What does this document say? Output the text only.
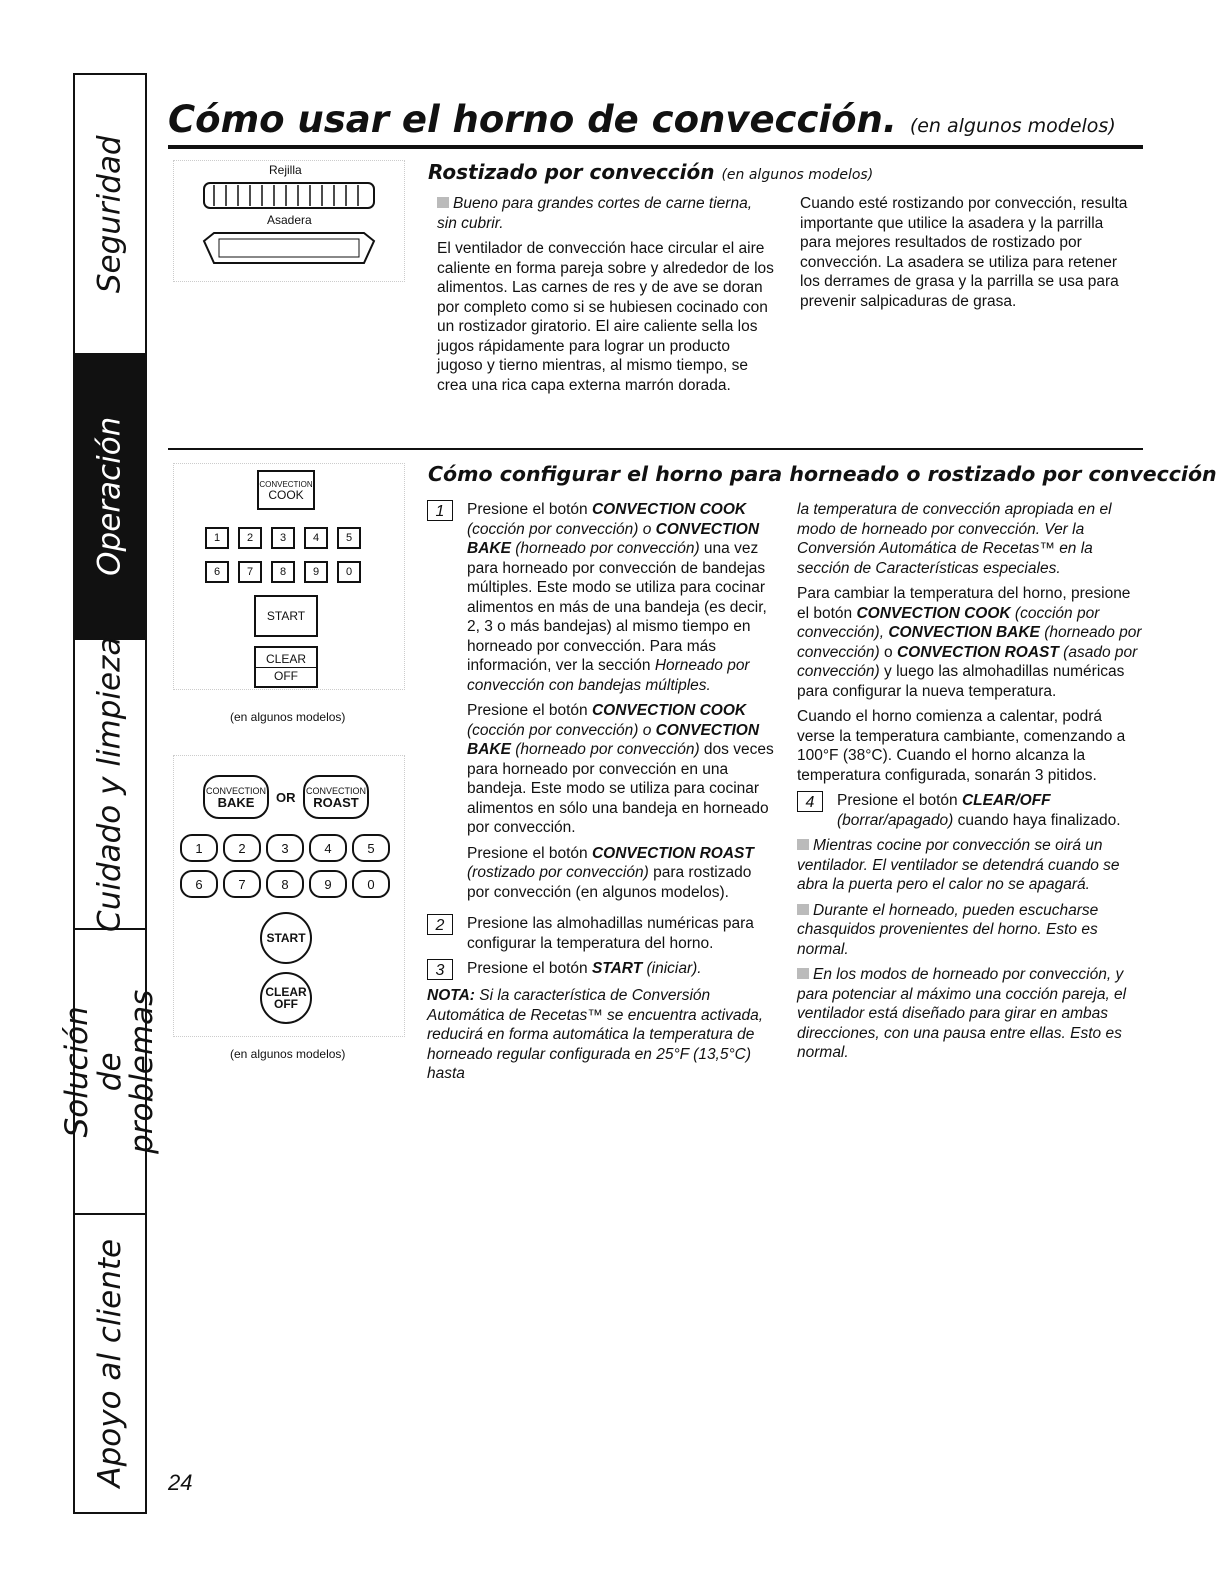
Seguridad
Operación
Cuidado y limpieza
Solución de problemas
Apoyo al cliente
Cómo usar el horno de convección. (en algunos modelos)
Rejilla
Asadera
Rostizado por convección (en algunos modelos)

Bueno para grandes cortes de carne tierna, sin cubrir.

El ventilador de convección hace circular el aire caliente en forma pareja sobre y alrededor de los alimentos. Las carnes de res y de ave se doran por completo como si se hubiesen cocinado con un rostizador giratorio. El aire caliente sella los jugos rápidamente para lograr un producto jugoso y tierno mientras, al mismo tiempo, se crea una rica capa externa marrón dorada.

Cuando esté rostizando por convección, resulta importante que utilice la asadera y la parrilla para mejores resultados de rostizado por convección. La asadera se utiliza para retener los derrames de grasa y la parrilla se usa para prevenir salpicaduras de grasa.

CONVECTION
COOK
1	2	3	4	5
6	7	8	9	0
START
CLEAR
OFF
(en algunos modelos)
CONVECTION
BAKE OR CONVECTION
ROAST
1	2	3	4	5
6	7	8	9	0
START
CLEAR
OFF
(en algunos modelos)
Cómo configurar el horno para horneado o rostizado por convección
1	Presione el botón CONVECTION COOK (cocción por convección) o CONVECTION BAKE (horneado por convección) una vez para horneado por convección de bandejas múltiples. Este modo se utiliza para cocinar alimentos en más de una bandeja (es decir, 2, 3 o más bandejas) al mismo tiempo en horneado por convección. Para más información, ver la sección Horneado por convección con bandejas múltiples.

Presione el botón CONVECTION COOK (cocción por convección) o CONVECTION BAKE (horneado por convección) dos veces para horneado por convección en una bandeja. Este modo se utiliza para cocinar alimentos en sólo una bandeja en horneado por convección.

Presione el botón CONVECTION ROAST (rostizado por convección) para rostizado por convección (en algunos modelos).

2	Presione las almohadillas numéricas para configurar la temperatura del horno.
3	Presione el botón START (iniciar).

NOTA: Si la característica de Conversión Automática de Recetas™ se encuentra activada, reducirá en forma automática la temperatura de horneado regular configurada en 25°F (13,5°C) hasta

la temperatura de convección apropiada en el modo de horneado por convección. Ver la Conversión Automática de Recetas™ en la sección de Características especiales.

Para cambiar la temperatura del horno, presione el botón CONVECTION COOK (cocción por convección), CONVECTION BAKE (horneado por convección) o CONVECTION ROAST (asado por convección) y luego las almohadillas numéricas para configurar la nueva temperatura.

Cuando el horno comienza a calentar, podrá verse la temperatura cambiante, comenzando a 100°F (38°C). Cuando el horno alcanza la temperatura configurada, sonarán 3 pitidos.

4	Presione el botón CLEAR/OFF (borrar/apagado) cuando haya finalizado.

Mientras cocine por convección se oirá un ventilador. El ventilador se detendrá cuando se abra la puerta pero el calor no se apagará.

Durante el horneado, pueden escucharse chasquidos provenientes del horno. Esto es normal.

En los modos de horneado por convección, y para potenciar al máximo una cocción pareja, el ventilador está diseñado para girar en ambas direcciones, con una pausa entre ellas. Esto es normal.

24
